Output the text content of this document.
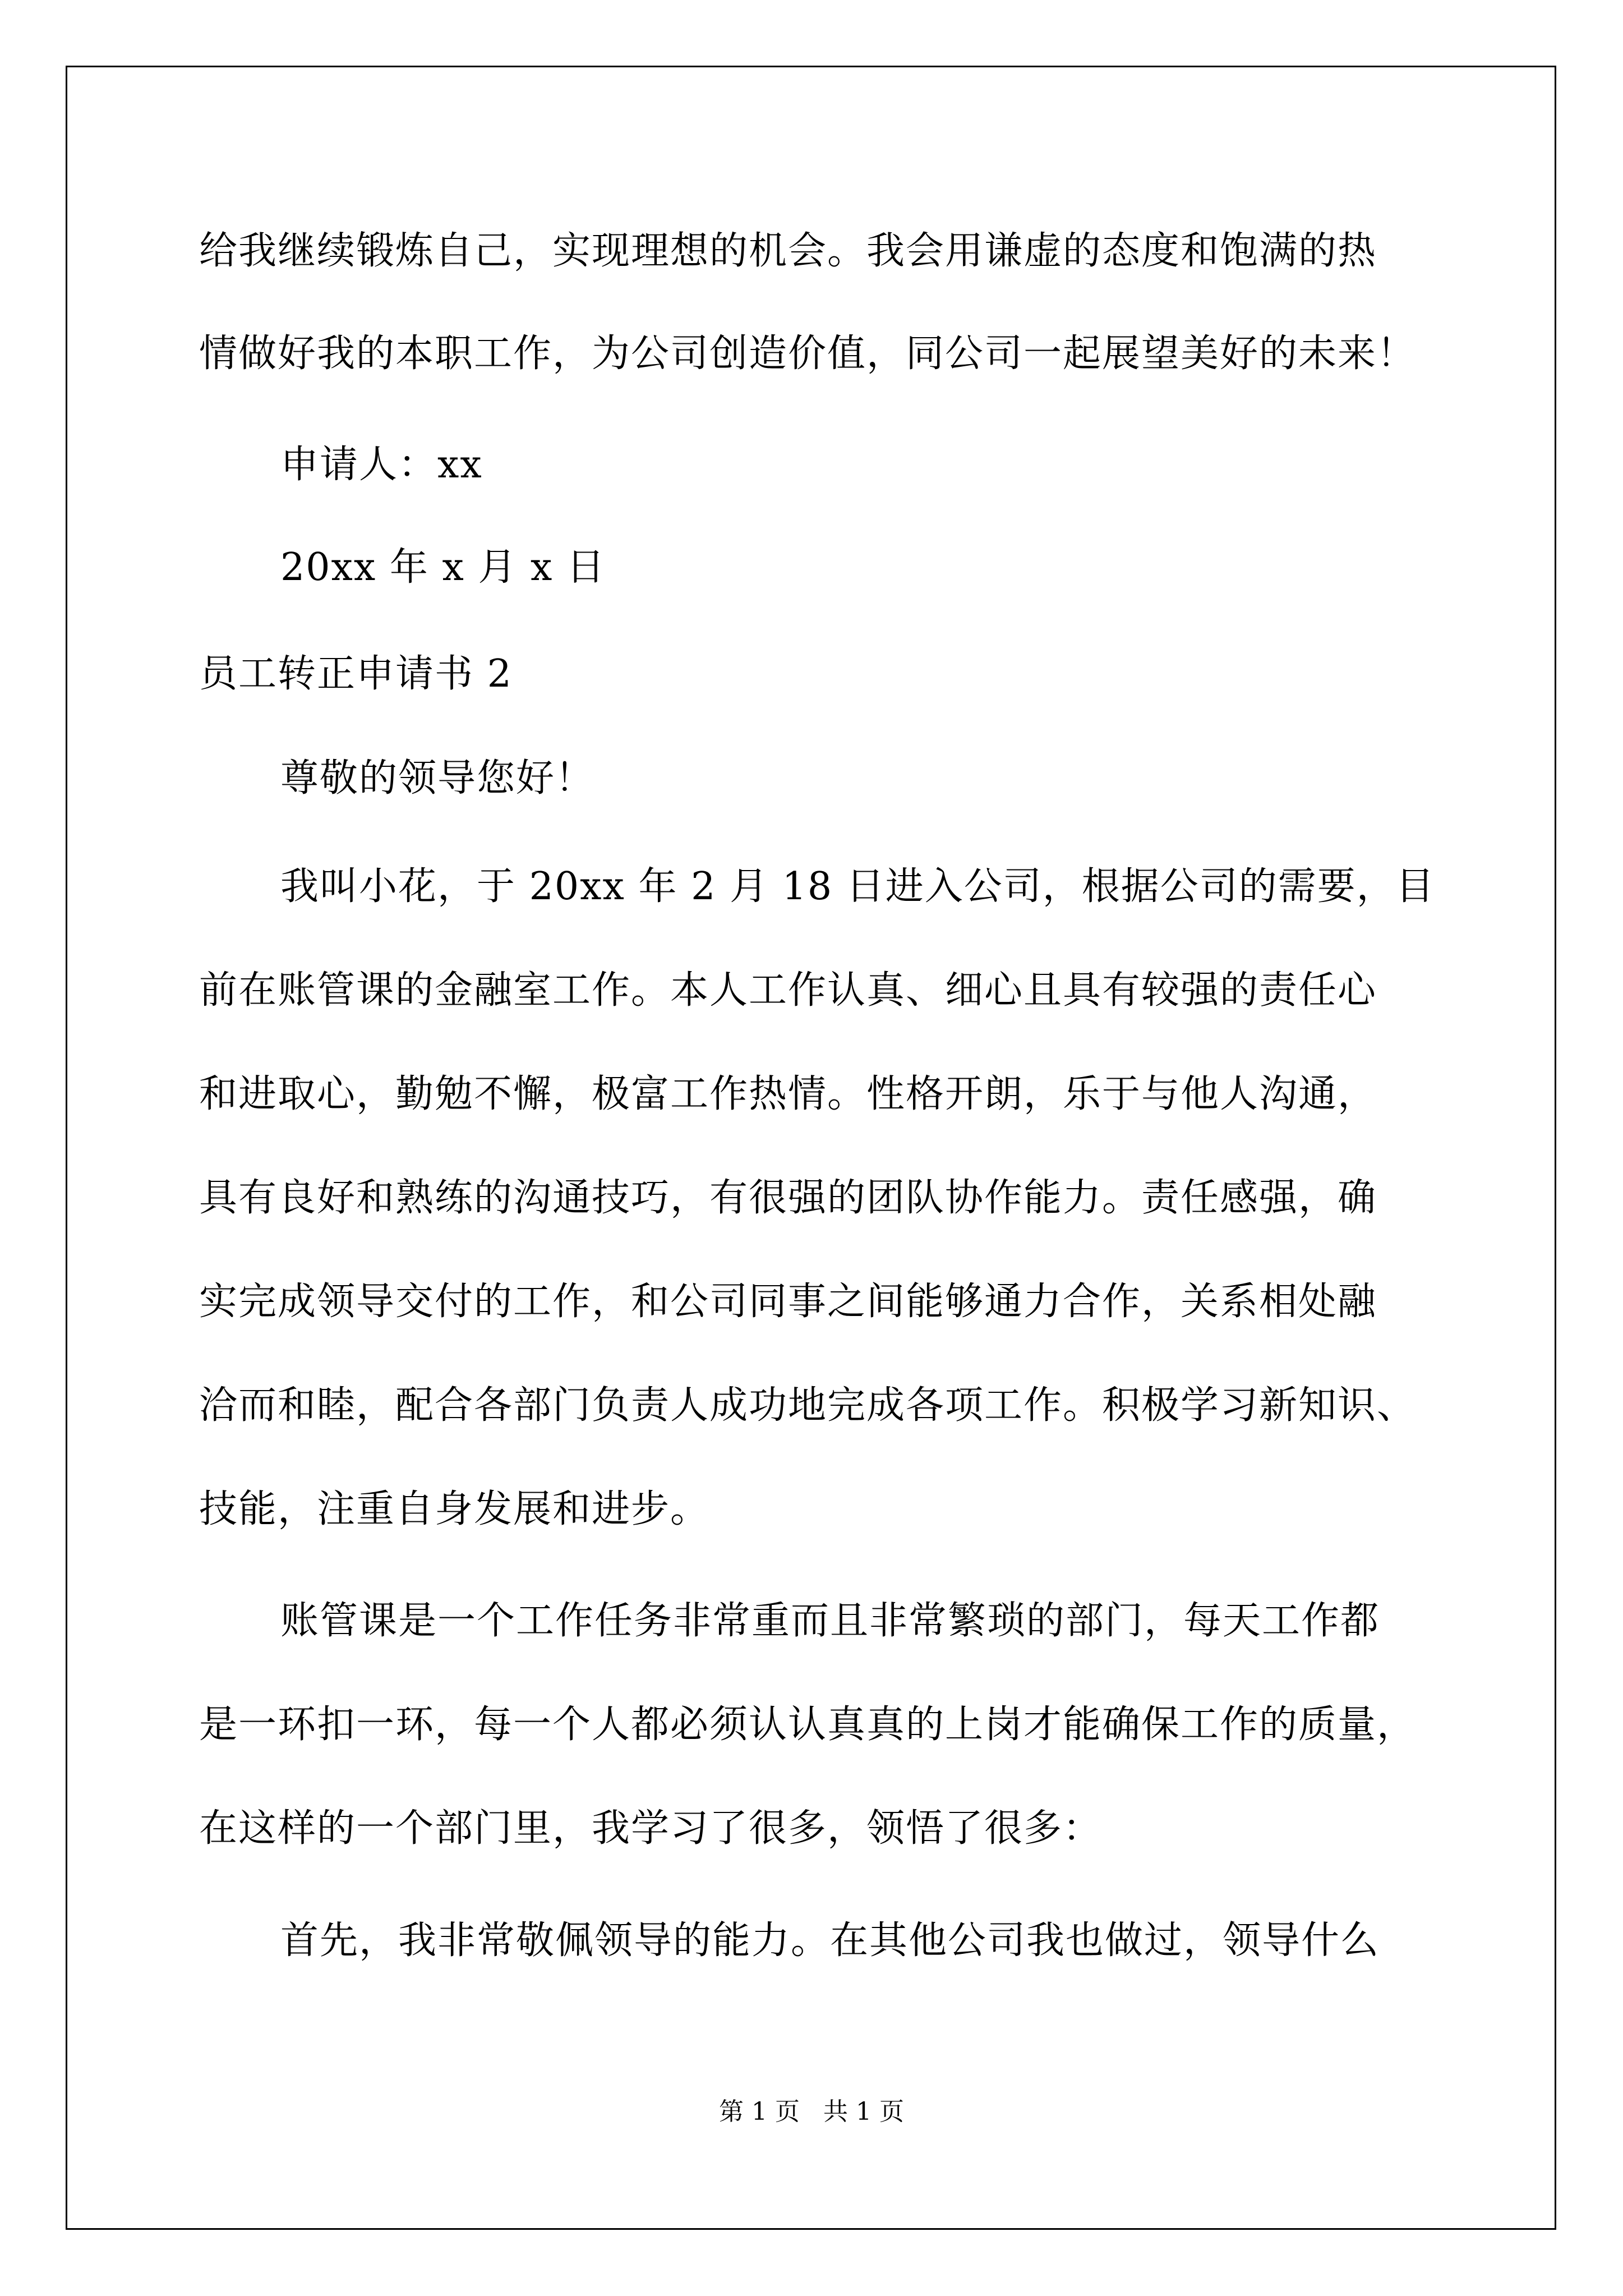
给我继续锻炼自己，实现理想的机会。我会用谦虚的态度和饱满的热
情做好我的本职工作，为公司创造价值，同公司一起展望美好的未来！
申请人：xx
20xx 年 x 月 x 日
员工转正申请书 2
尊敬的领导您好！
我叫小花，于 20xx 年 2 月 18 日进入公司，根据公司的需要，目
前在账管课的金融室工作。本人工作认真、细心且具有较强的责任心
和进取心，勤勉不懈，极富工作热情。性格开朗，乐于与他人沟通，
具有良好和熟练的沟通技巧，有很强的团队协作能力。责任感强，确
实完成领导交付的工作，和公司同事之间能够通力合作，关系相处融
洽而和睦，配合各部门负责人成功地完成各项工作。积极学习新知识、
技能，注重自身发展和进步。
账管课是一个工作任务非常重而且非常繁琐的部门，每天工作都
是一环扣一环，每一个人都必须认认真真的上岗才能确保工作的质量，
在这样的一个部门里，我学习了很多，领悟了很多：
首先，我非常敬佩领导的能力。在其他公司我也做过，领导什么
第 1 页   共 1 页
